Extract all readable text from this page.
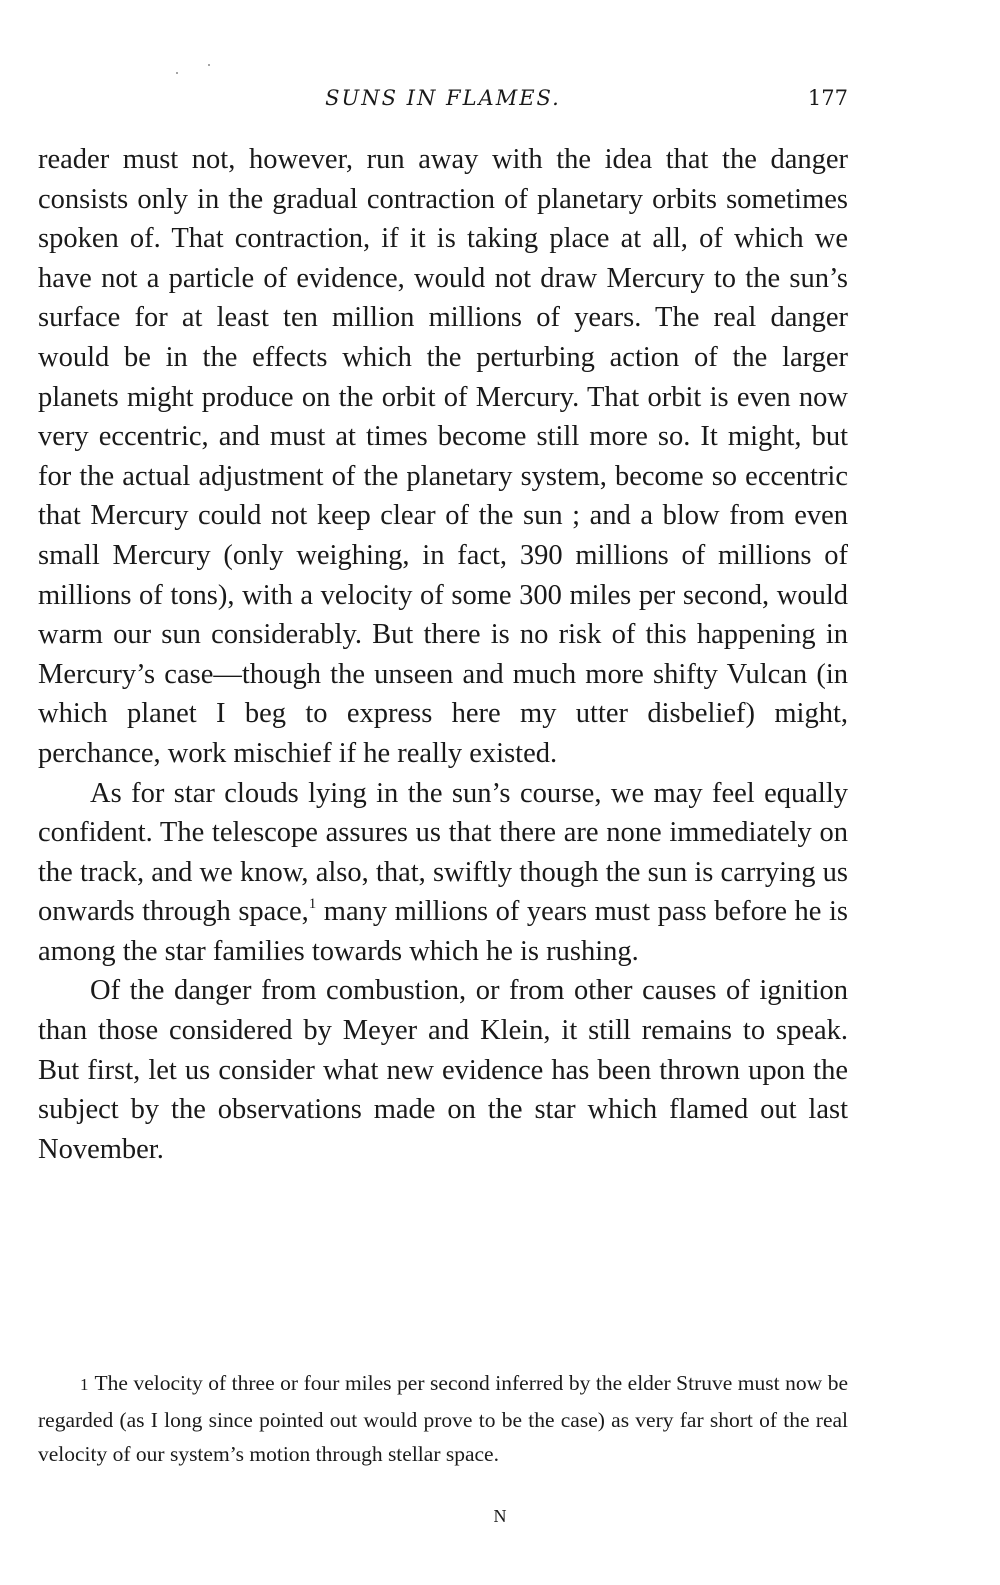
SUNS IN FLAMES.	177

reader must not, however, run away with the idea that the danger consists only in the gradual contraction of planetary orbits sometimes spoken of. That contraction, if it is taking place at all, of which we have not a particle of evidence, would not draw Mercury to the sun’s surface for at least ten million millions of years. The real danger would be in the effects which the perturbing action of the larger planets might produce on the orbit of Mercury. That orbit is even now very eccentric, and must at times become still more so. It might, but for the actual adjustment of the planetary system, become so eccentric that Mercury could not keep clear of the sun ; and a blow from even small Mercury (only weighing, in fact, 390 millions of millions of millions of tons), with a velocity of some 300 miles per second, would warm our sun considerably. But there is no risk of this happening in Mercury’s case—though the unseen and much more shifty Vulcan (in which planet I beg to express here my utter disbelief) might, perchance, work mischief if he really existed.

As for star clouds lying in the sun’s course, we may feel equally confident. The telescope assures us that there are none immediately on the track, and we know, also, that, swiftly though the sun is carrying us onwards through space,$^1$ many millions of years must pass before he is among the star families towards which he is rushing.

Of the danger from combustion, or from other causes of ignition than those considered by Meyer and Klein, it still remains to speak. But first, let us consider what new evidence has been thrown upon the subject by the observations made on the star which flamed out last November.

1 The velocity of three or four miles per second inferred by the elder Struve must now be regarded (as I long since pointed out would prove to be the case) as very far short of the real velocity of our system’s motion through stellar space.

N
